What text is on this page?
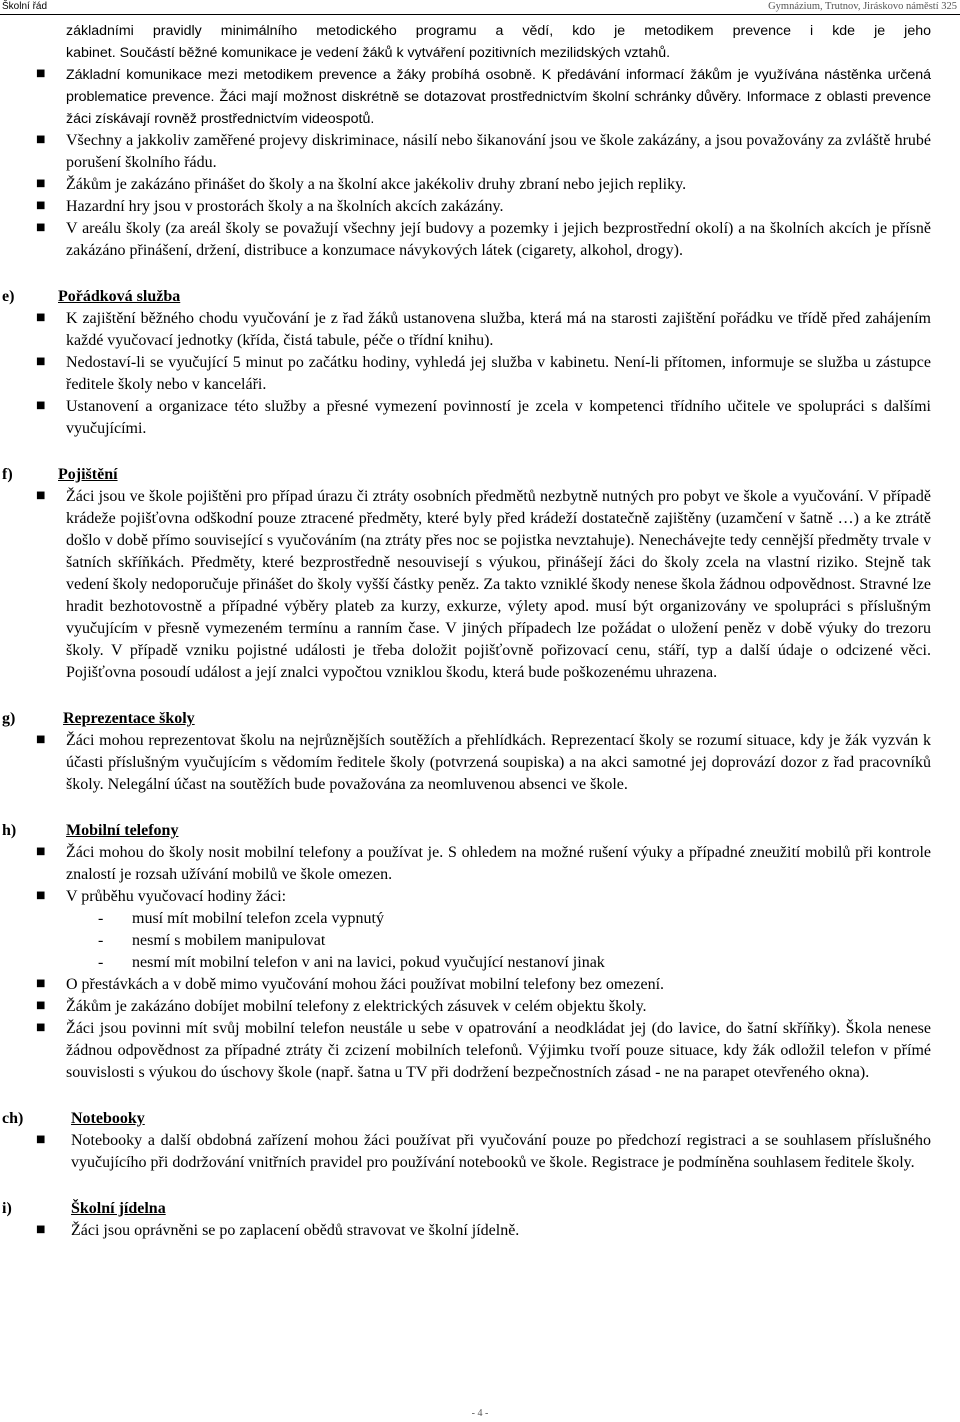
Školní řád	Gymnázium, Trutnov, Jiráskovo náměstí 325
základními pravidly minimálního metodického programu a vědí, kdo je metodikem prevence i kde je jeho
kabinet. Součástí běžné komunikace je vedení žáků k vytváření pozitivních mezilidských vztahů.
■ Základní komunikace mezi metodikem prevence a žáky probíhá osobně. K předávání informací žákům je využívána nástěnka určená problematice prevence. Žáci mají možnost diskrétně se dotazovat prostřednictvím školní schránky důvěry. Informace z oblasti prevence žáci získávají rovněž prostřednictvím videospotů.
■ Všechny a jakkoliv zaměřené projevy diskriminace, násilí nebo šikanování jsou ve škole zakázány, a jsou považovány za zvláště hrubé porušení školního řádu.
■ Žákům je zakázáno přinášet do školy a na školní akce jakékoliv druhy zbraní nebo jejich repliky.
■ Hazardní hry jsou v prostorách školy a na školních akcích zakázány.
■ V areálu školy (za areál školy se považují všechny její budovy a pozemky i jejich bezprostřední okolí) a na školních akcích je přísně zakázáno přinášení, držení, distribuce a konzumace návykových látek (cigarety, alkohol, drogy).
e)	Pořádková služba
■ K zajištění běžného chodu vyučování je z řad žáků ustanovena služba, která má na starosti zajištění pořádku ve třídě před zahájením každé vyučovací jednotky (křída, čistá tabule, péče o třídní knihu).
■ Nedostaví-li se vyučující 5 minut po začátku hodiny, vyhledá jej služba v kabinetu. Není-li přítomen, informuje se služba u zástupce ředitele školy nebo v kanceláři.
■ Ustanovení a organizace této služby a přesné vymezení povinností je zcela v kompetenci třídního učitele ve spolupráci s dalšími vyučujícími.
f)	Pojištění
■ Žáci jsou ve škole pojištěni pro případ úrazu či ztráty osobních předmětů nezbytně nutných pro pobyt ve škole a vyučování. V případě krádeže pojišťovna odškodní pouze ztracené předměty, které byly před krádeží dostatečně zajištěny (uzamčení v šatně …) a ke ztrátě došlo v době přímo související s vyučováním (na ztráty přes noc se pojistka nevztahuje). Nenechávejte tedy cennější předměty trvale v šatních skříňkách. Předměty, které bezprostředně nesouvisejí s výukou, přinášejí žáci do školy zcela na vlastní riziko. Stejně tak vedení školy nedoporučuje přinášet do školy vyšší částky peněz. Za takto vzniklé škody nenese škola žádnou odpovědnost. Stravné lze hradit bezhotovostně a případné výběry plateb za kurzy, exkurze, výlety apod. musí být organizovány ve spolupráci s příslušným vyučujícím v přesně vymezeném termínu a ranním čase. V jiných případech lze požádat o uložení peněz v době výuky do trezoru školy. V případě vzniku pojistné události je třeba doložit pojišťovně pořizovací cenu, stáří, typ a další údaje o odcizené věci. Pojišťovna posoudí událost a její znalci vypočtou vzniklou škodu, která bude poškozenému uhrazena.
g)	Reprezentace školy
■ Žáci mohou reprezentovat školu na nejrůznějších soutěžích a přehlídkách. Reprezentací školy se rozumí situace, kdy je žák vyzván k účasti příslušným vyučujícím s vědomím ředitele školy (potvrzená soupiska) a na akci samotné jej doprovází dozor z řad pracovníků školy. Nelegální účast na soutěžích bude považována za neomluvenou absenci ve škole.
h)	Mobilní telefony
■ Žáci mohou do školy nosit mobilní telefony a používat je. S ohledem na možné rušení výuky a případné zneužití mobilů při kontrole znalostí je rozsah užívání mobilů ve škole omezen.
■ V průběhu vyučovací hodiny žáci:
- musí mít mobilní telefon zcela vypnutý
- nesmí s mobilem manipulovat
- nesmí mít mobilní telefon v ani na lavici, pokud vyučující nestanoví jinak
■ O přestávkách a v době mimo vyučování mohou žáci používat mobilní telefony bez omezení.
■ Žákům je zakázáno dobíjet mobilní telefony z elektrických zásuvek v celém objektu školy.
■ Žáci jsou povinni mít svůj mobilní telefon neustále u sebe v opatrování a neodkládat jej (do lavice, do šatní skříňky). Škola nenese žádnou odpovědnost za případné ztráty či zcizení mobilních telefonů. Výjimku tvoří pouze situace, kdy žák odložil telefon v přímé souvislosti s výukou do úschovy škole (např. šatna u TV při dodržení bezpečnostních zásad - ne na parapet otevřeného okna).
ch)	Notebooky
■ Notebooky a další obdobná zařízení mohou žáci používat při vyučování pouze po předchozí registraci a se souhlasem příslušného vyučujícího při dodržování vnitřních pravidel pro používání notebooků ve škole. Registrace je podmíněna souhlasem ředitele školy.
i)	Školní jídelna
■ Žáci jsou oprávněni se po zaplacení obědů stravovat ve školní jídelně.
- 4 -
